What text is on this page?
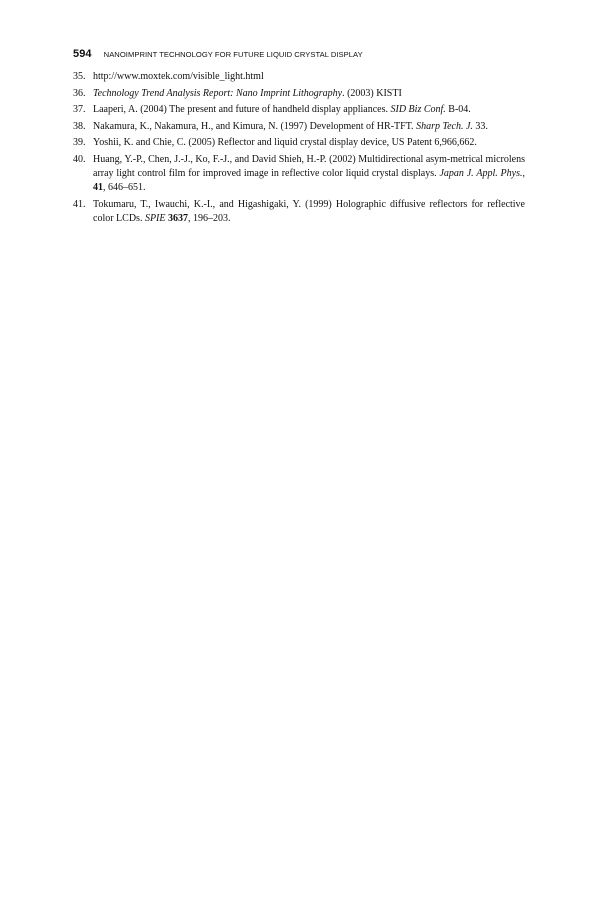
594 NANOIMPRINT TECHNOLOGY FOR FUTURE LIQUID CRYSTAL DISPLAY
35. http://www.moxtek.com/visible_light.html
36. Technology Trend Analysis Report: Nano Imprint Lithography. (2003) KISTI
37. Laaperi, A. (2004) The present and future of handheld display appliances. SID Biz Conf. B-04.
38. Nakamura, K., Nakamura, H., and Kimura, N. (1997) Development of HR-TFT. Sharp Tech. J. 33.
39. Yoshii, K. and Chie, C. (2005) Reflector and liquid crystal display device, US Patent 6,966,662.
40. Huang, Y.-P., Chen, J.-J., Ko, F.-J., and David Shieh, H.-P. (2002) Multidirectional asym-metrical microlens array light control film for improved image in reflective color liquid crystal displays. Japan J. Appl. Phys., 41, 646–651.
41. Tokumaru, T., Iwauchi, K.-I., and Higashigaki, Y. (1999) Holographic diffusive reflectors for reflective color LCDs. SPIE 3637, 196–203.
